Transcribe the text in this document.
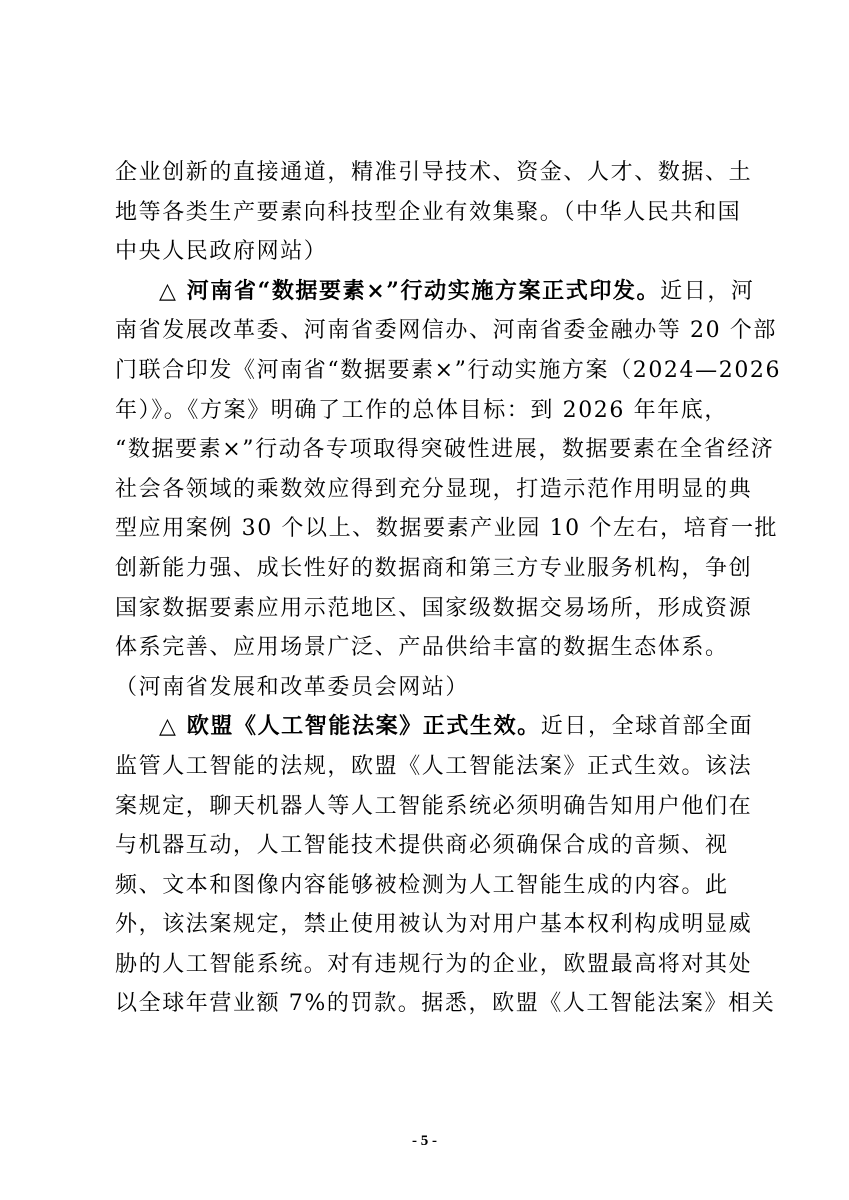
企业创新的直接通道，精准引导技术、资金、人才、数据、土
地等各类生产要素向科技型企业有效集聚。（中华人民共和国
中央人民政府网站）
△ 河南省“数据要素×”行动实施方案正式印发。近日，河
南省发展改革委、河南省委网信办、河南省委金融办等 20 个部
门联合印发《河南省“数据要素×”行动实施方案（2024—2026
年）》。《方案》明确了工作的总体目标：到 2026 年年底，
“数据要素×”行动各专项取得突破性进展，数据要素在全省经济
社会各领域的乘数效应得到充分显现，打造示范作用明显的典
型应用案例 30 个以上、数据要素产业园 10 个左右，培育一批
创新能力强、成长性好的数据商和第三方专业服务机构，争创
国家数据要素应用示范地区、国家级数据交易场所，形成资源
体系完善、应用场景广泛、产品供给丰富的数据生态体系。
（河南省发展和改革委员会网站）
△ 欧盟《人工智能法案》正式生效。近日，全球首部全面
监管人工智能的法规，欧盟《人工智能法案》正式生效。该法
案规定，聊天机器人等人工智能系统必须明确告知用户他们在
与机器互动，人工智能技术提供商必须确保合成的音频、视
频、文本和图像内容能够被检测为人工智能生成的内容。此
外，该法案规定，禁止使用被认为对用户基本权利构成明显威
胁的人工智能系统。对有违规行为的企业，欧盟最高将对其处
以全球年营业额 7%的罚款。据悉，欧盟《人工智能法案》相关
- 5 -
